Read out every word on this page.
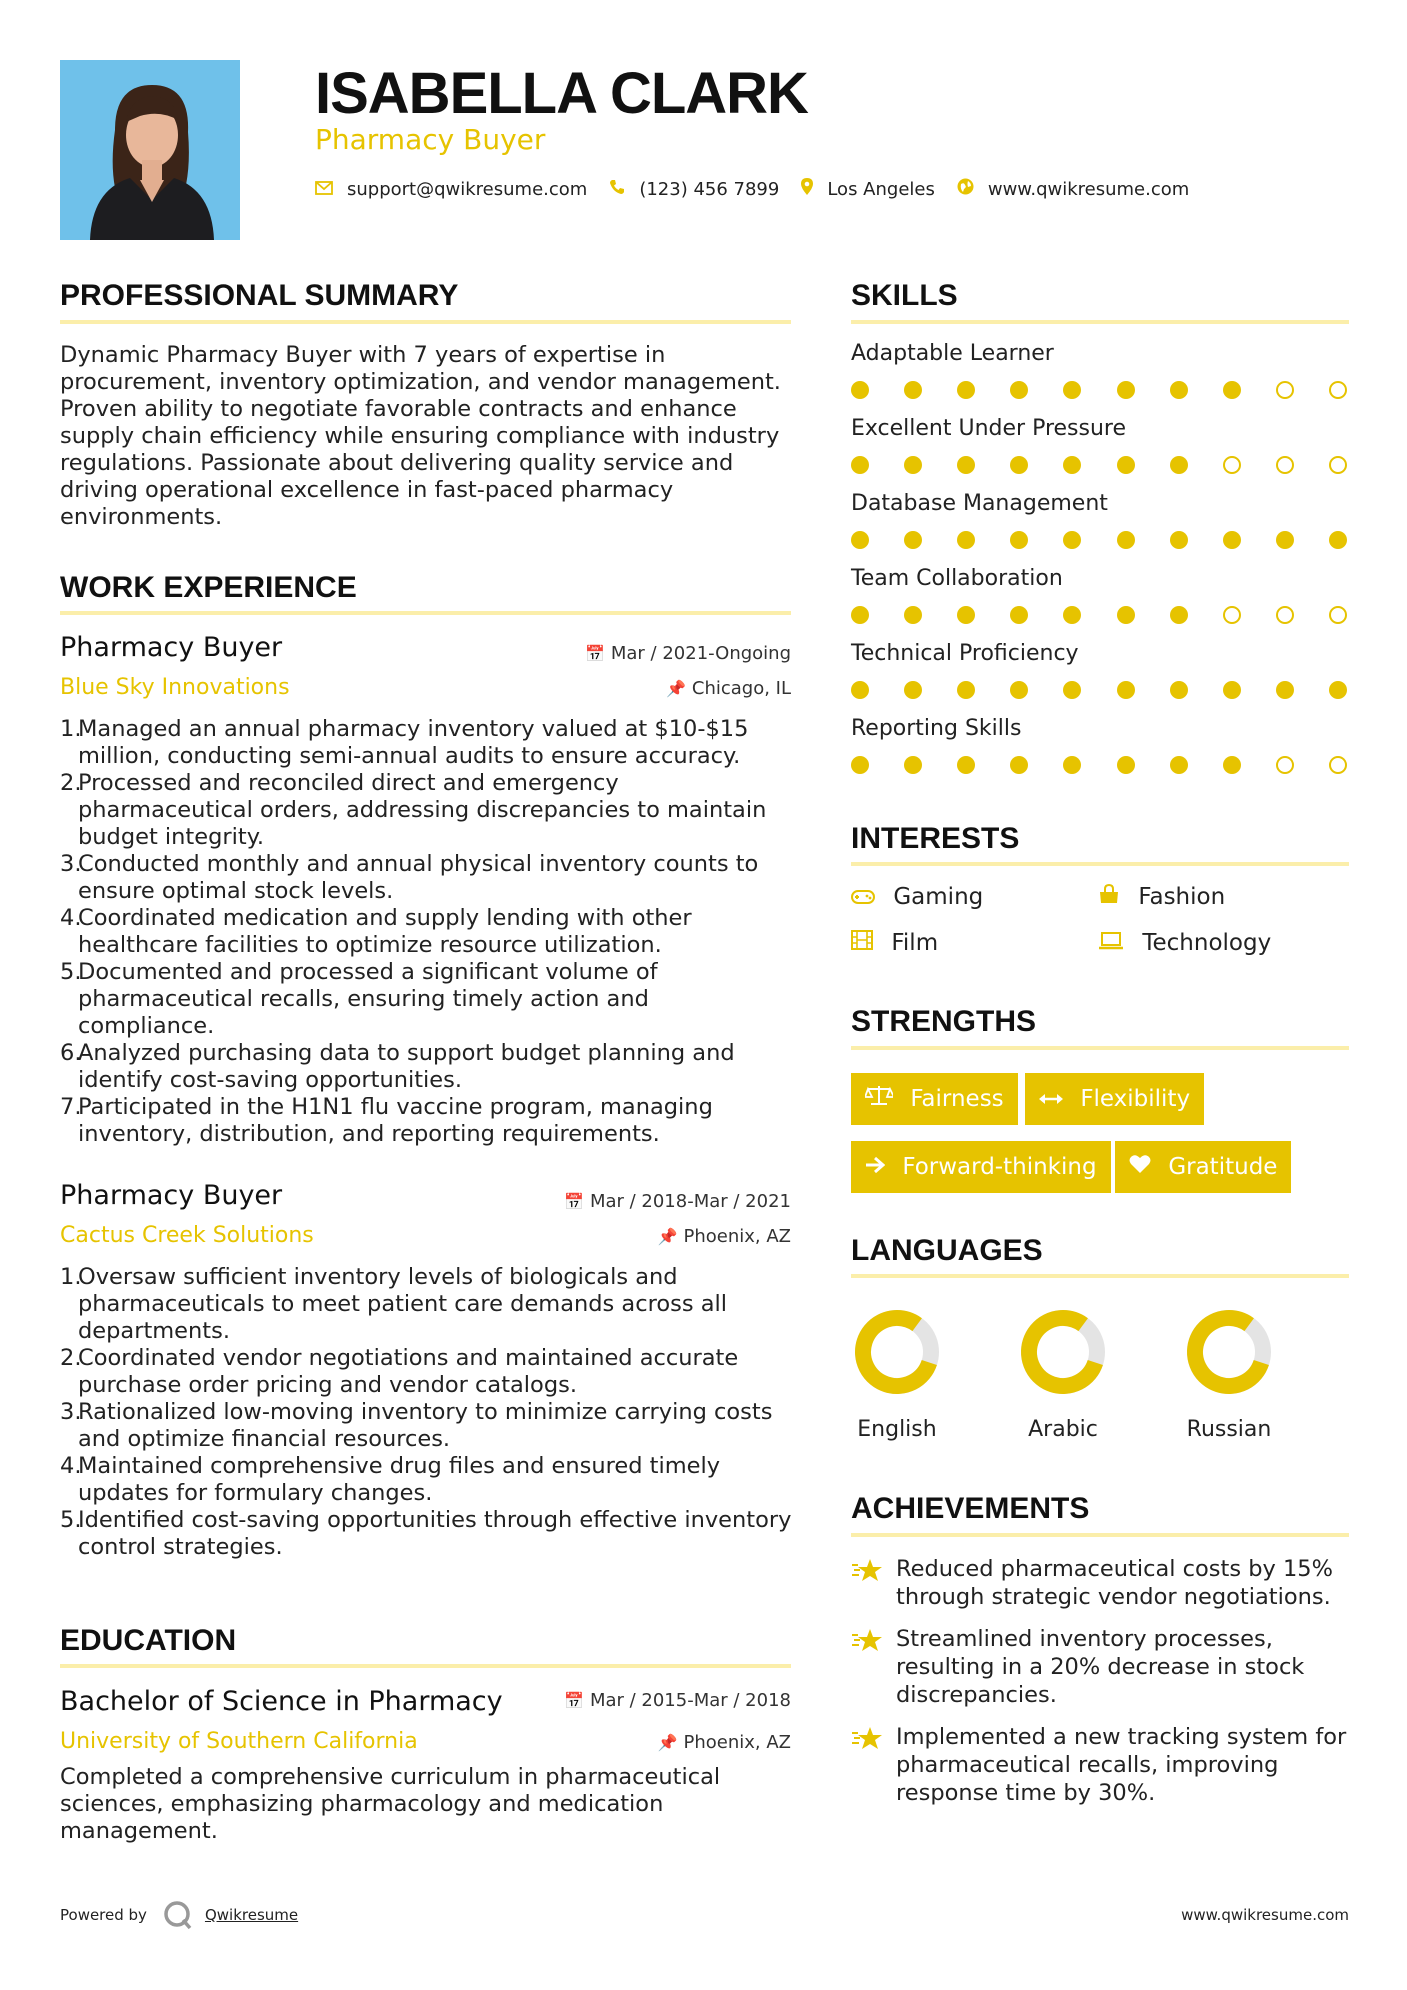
ISABELLA CLARK
Pharmacy Buyer
support@qwikresume.com	(123) 456 7899	Los Angeles	www.qwikresume.com
PROFESSIONAL SUMMARY
Dynamic Pharmacy Buyer with 7 years of expertise in
procurement, inventory optimization, and vendor management.
Proven ability to negotiate favorable contracts and enhance
supply chain efficiency while ensuring compliance with industry
regulations. Passionate about delivering quality service and
driving operational excellence in fast-paced pharmacy
environments.
WORK EXPERIENCE
Pharmacy Buyer	📅 Mar / 2021-Ongoing
Blue Sky Innovations	📌 Chicago, IL
1.
Managed an annual pharmacy inventory valued at $10-$15
million, conducting semi-annual audits to ensure accuracy.
2.
Processed and reconciled direct and emergency
pharmaceutical orders, addressing discrepancies to maintain
budget integrity.
3.
Conducted monthly and annual physical inventory counts to
ensure optimal stock levels.
4.
Coordinated medication and supply lending with other
healthcare facilities to optimize resource utilization.
5.
Documented and processed a significant volume of
pharmaceutical recalls, ensuring timely action and
compliance.
6.
Analyzed purchasing data to support budget planning and
identify cost-saving opportunities.
7.
Participated in the H1N1 flu vaccine program, managing
inventory, distribution, and reporting requirements.
Pharmacy Buyer	📅 Mar / 2018-Mar / 2021
Cactus Creek Solutions	📌 Phoenix, AZ
1.
Oversaw sufficient inventory levels of biologicals and
pharmaceuticals to meet patient care demands across all
departments.
2.
Coordinated vendor negotiations and maintained accurate
purchase order pricing and vendor catalogs.
3.
Rationalized low-moving inventory to minimize carrying costs
and optimize financial resources.
4.
Maintained comprehensive drug files and ensured timely
updates for formulary changes.
5.
Identified cost-saving opportunities through effective inventory
control strategies.
EDUCATION
Bachelor of Science in Pharmacy	📅 Mar / 2015-Mar / 2018
University of Southern California	📌 Phoenix, AZ
Completed a comprehensive curriculum in pharmaceutical
sciences, emphasizing pharmacology and medication
management.
SKILLS
Adaptable Learner
Excellent Under Pressure
Database Management
Team Collaboration
Technical Proficiency
Reporting Skills
INTERESTS
Gaming	Fashion
Film	Technology
STRENGTHS
Fairness	Flexibility
Forward-thinking	Gratitude
LANGUAGES
English	Arabic	Russian
ACHIEVEMENTS
Reduced pharmaceutical costs by 15%
through strategic vendor negotiations.
Streamlined inventory processes,
resulting in a 20% decrease in stock
discrepancies.
Implemented a new tracking system for
pharmaceutical recalls, improving
response time by 30%.
Powered by	Qwikresume	www.qwikresume.com
